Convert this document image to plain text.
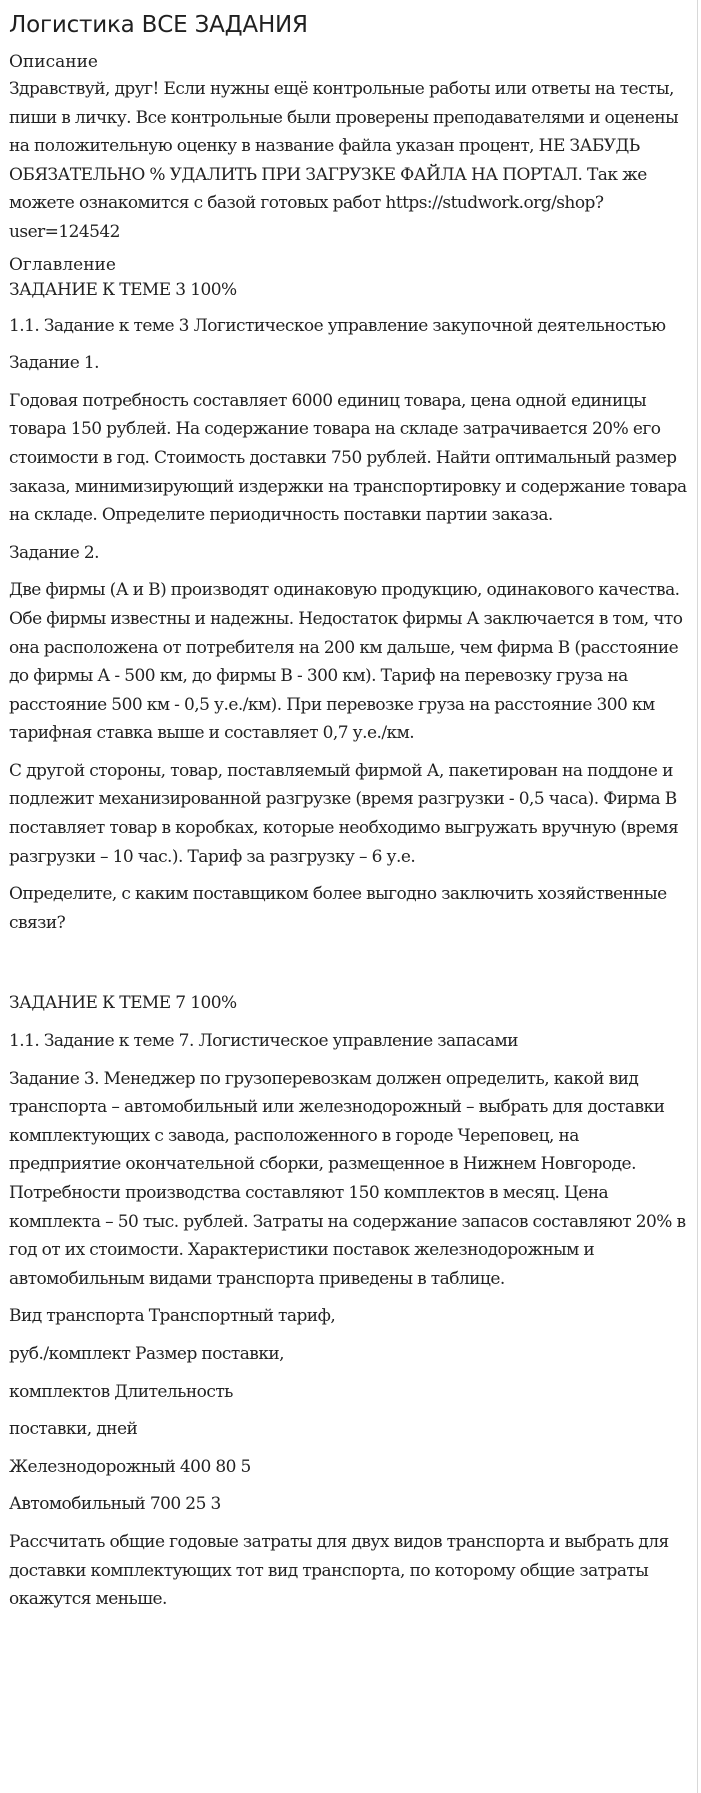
Логистика ВСЕ ЗАДАНИЯ
Описание

Здравствуй, друг! Если нужны ещё контрольные работы или ответы на тесты, пиши в личку. Все контрольные были проверены преподавателями и оценены на положительную оценку в название файла указан процент, НЕ ЗАБУДЬ ОБЯЗАТЕЛЬНО % УДАЛИТЬ ПРИ ЗАГРУЗКЕ ФАЙЛА НА ПОРТАЛ. Так же можете ознакомится с базой готовых работ https://studwork.org/shop?user=124542

Оглавление

ЗАДАНИЕ К ТЕМЕ 3 100%

1.1. Задание к теме 3 Логистическое управление закупочной деятельностью

Задание 1.

Годовая потребность составляет 6000 единиц товара, цена одной единицы товара 150 рублей. На содержание товара на складе затрачивается 20% его стоимости в год. Стоимость доставки 750 рублей. Найти оптимальный размер заказа, минимизирующий издержки на транспортировку и содержание товара на складе. Определите периодичность поставки партии заказа.

Задание 2.

Две фирмы (А и В) производят одинаковую продукцию, одинакового качества. Обе фирмы известны и надежны. Недостаток фирмы А заключается в том, что она расположена от потребителя на 200 км дальше, чем фирма В (расстояние до фирмы А - 500 км, до фирмы В - 300 км). Тариф на перевозку груза на расстояние 500 км - 0,5 у.е./км). При перевозке груза на расстояние 300 км тарифная ставка выше и составляет 0,7 у.е./км.

С другой стороны, товар, поставляемый фирмой А, пакетирован на поддоне и подлежит механизированной разгрузке (время разгрузки - 0,5 часа). Фирма В поставляет товар в коробках, которые необходимо выгружать вручную (время разгрузки – 10 час.). Тариф за разгрузку – 6 у.е.

Определите, с каким поставщиком более выгодно заключить хозяйственные связи?

ЗАДАНИЕ К ТЕМЕ 7 100%

1.1. Задание к теме 7. Логистическое управление запасами

Задание 3. Менеджер по грузоперевозкам должен определить, какой вид транспорта – автомобильный или железнодорожный – выбрать для доставки комплектующих с завода, расположенного в городе Череповец, на предприятие окончательной сборки, размещенное в Нижнем Новгороде. Потребности производства составляют 150 комплектов в месяц. Цена комплекта – 50 тыс. рублей. Затраты на содержание запасов составляют 20% в год от их стоимости. Характеристики поставок железнодорожным и автомобильным видами транспорта приведены в таблице.

Вид транспорта Транспортный тариф,

руб./комплект Размер поставки,

комплектов Длительность

поставки, дней

Железнодорожный 400 80 5

Автомобильный 700 25 3

Рассчитать общие годовые затраты для двух видов транспорта и выбрать для доставки комплектующих тот вид транспорта, по которому общие затраты окажутся меньше.
